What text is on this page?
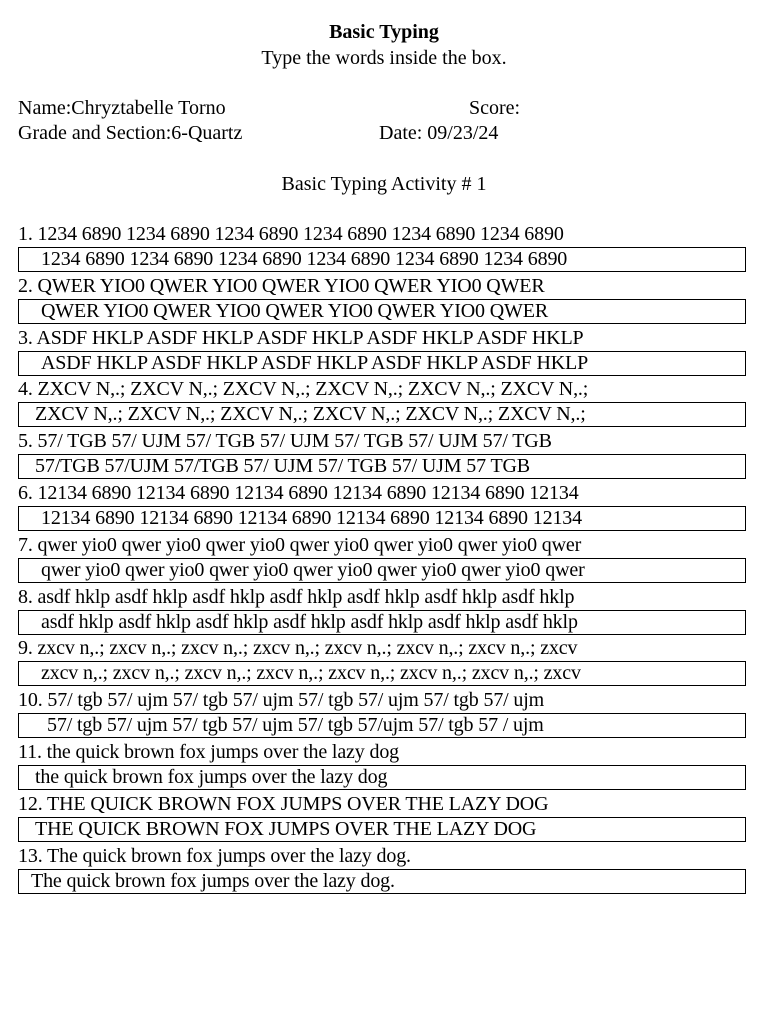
Basic Typing
Type the words inside the box.
Name:Chryztabelle Torno	Score:
Grade and Section:6-Quartz	Date: 09/23/24
Basic Typing Activity # 1
1. 1234 6890 1234 6890 1234 6890 1234 6890 1234 6890 1234 6890
1234 6890 1234 6890 1234 6890 1234 6890 1234 6890 1234 6890
2. QWER YIO0 QWER YIO0 QWER YIO0 QWER YIO0 QWER
QWER YIO0 QWER YIO0 QWER YIO0 QWER YIO0 QWER
3. ASDF HKLP ASDF HKLP ASDF HKLP ASDF HKLP ASDF HKLP
ASDF HKLP ASDF HKLP ASDF HKLP ASDF HKLP ASDF HKLP
4. ZXCV N,.; ZXCV N,.; ZXCV N,.; ZXCV N,.; ZXCV N,.; ZXCV N,.;
ZXCV N,.; ZXCV N,.; ZXCV N,.; ZXCV N,.; ZXCV N,.; ZXCV N,.;
5. 57/ TGB 57/ UJM 57/ TGB 57/ UJM 57/ TGB 57/ UJM 57/ TGB
57/TGB 57/UJM 57/TGB 57/ UJM 57/ TGB 57/ UJM 57 TGB
6. 12134 6890 12134 6890 12134 6890 12134 6890 12134 6890 12134
12134 6890 12134 6890 12134 6890 12134 6890 12134 6890 12134
7. qwer yio0 qwer yio0 qwer yio0 qwer yio0 qwer yio0 qwer yio0 qwer
qwer yio0 qwer yio0 qwer yio0 qwer yio0 qwer yio0 qwer yio0 qwer
8. asdf hklp asdf hklp asdf hklp asdf hklp asdf hklp asdf hklp asdf hklp
asdf hklp asdf hklp asdf hklp asdf hklp asdf hklp asdf hklp asdf hklp
9. zxcv n,.; zxcv n,.; zxcv n,.; zxcv n,.; zxcv n,.; zxcv n,.; zxcv n,.; zxcv
zxcv n,.; zxcv n,.; zxcv n,.; zxcv n,.; zxcv n,.; zxcv n,.; zxcv n,.; zxcv
10. 57/ tgb 57/ ujm 57/ tgb 57/ ujm 57/ tgb 57/ ujm 57/ tgb 57/ ujm
57/ tgb 57/ ujm 57/ tgb 57/ ujm 57/ tgb 57/ujm 57/ tgb 57 / ujm
11. the quick brown fox jumps over the lazy dog
the quick brown fox jumps over the lazy dog
12. THE QUICK BROWN FOX JUMPS OVER THE LAZY DOG
THE QUICK BROWN FOX JUMPS OVER THE LAZY DOG
13. The quick brown fox jumps over the lazy dog.
The quick brown fox jumps over the lazy dog.
